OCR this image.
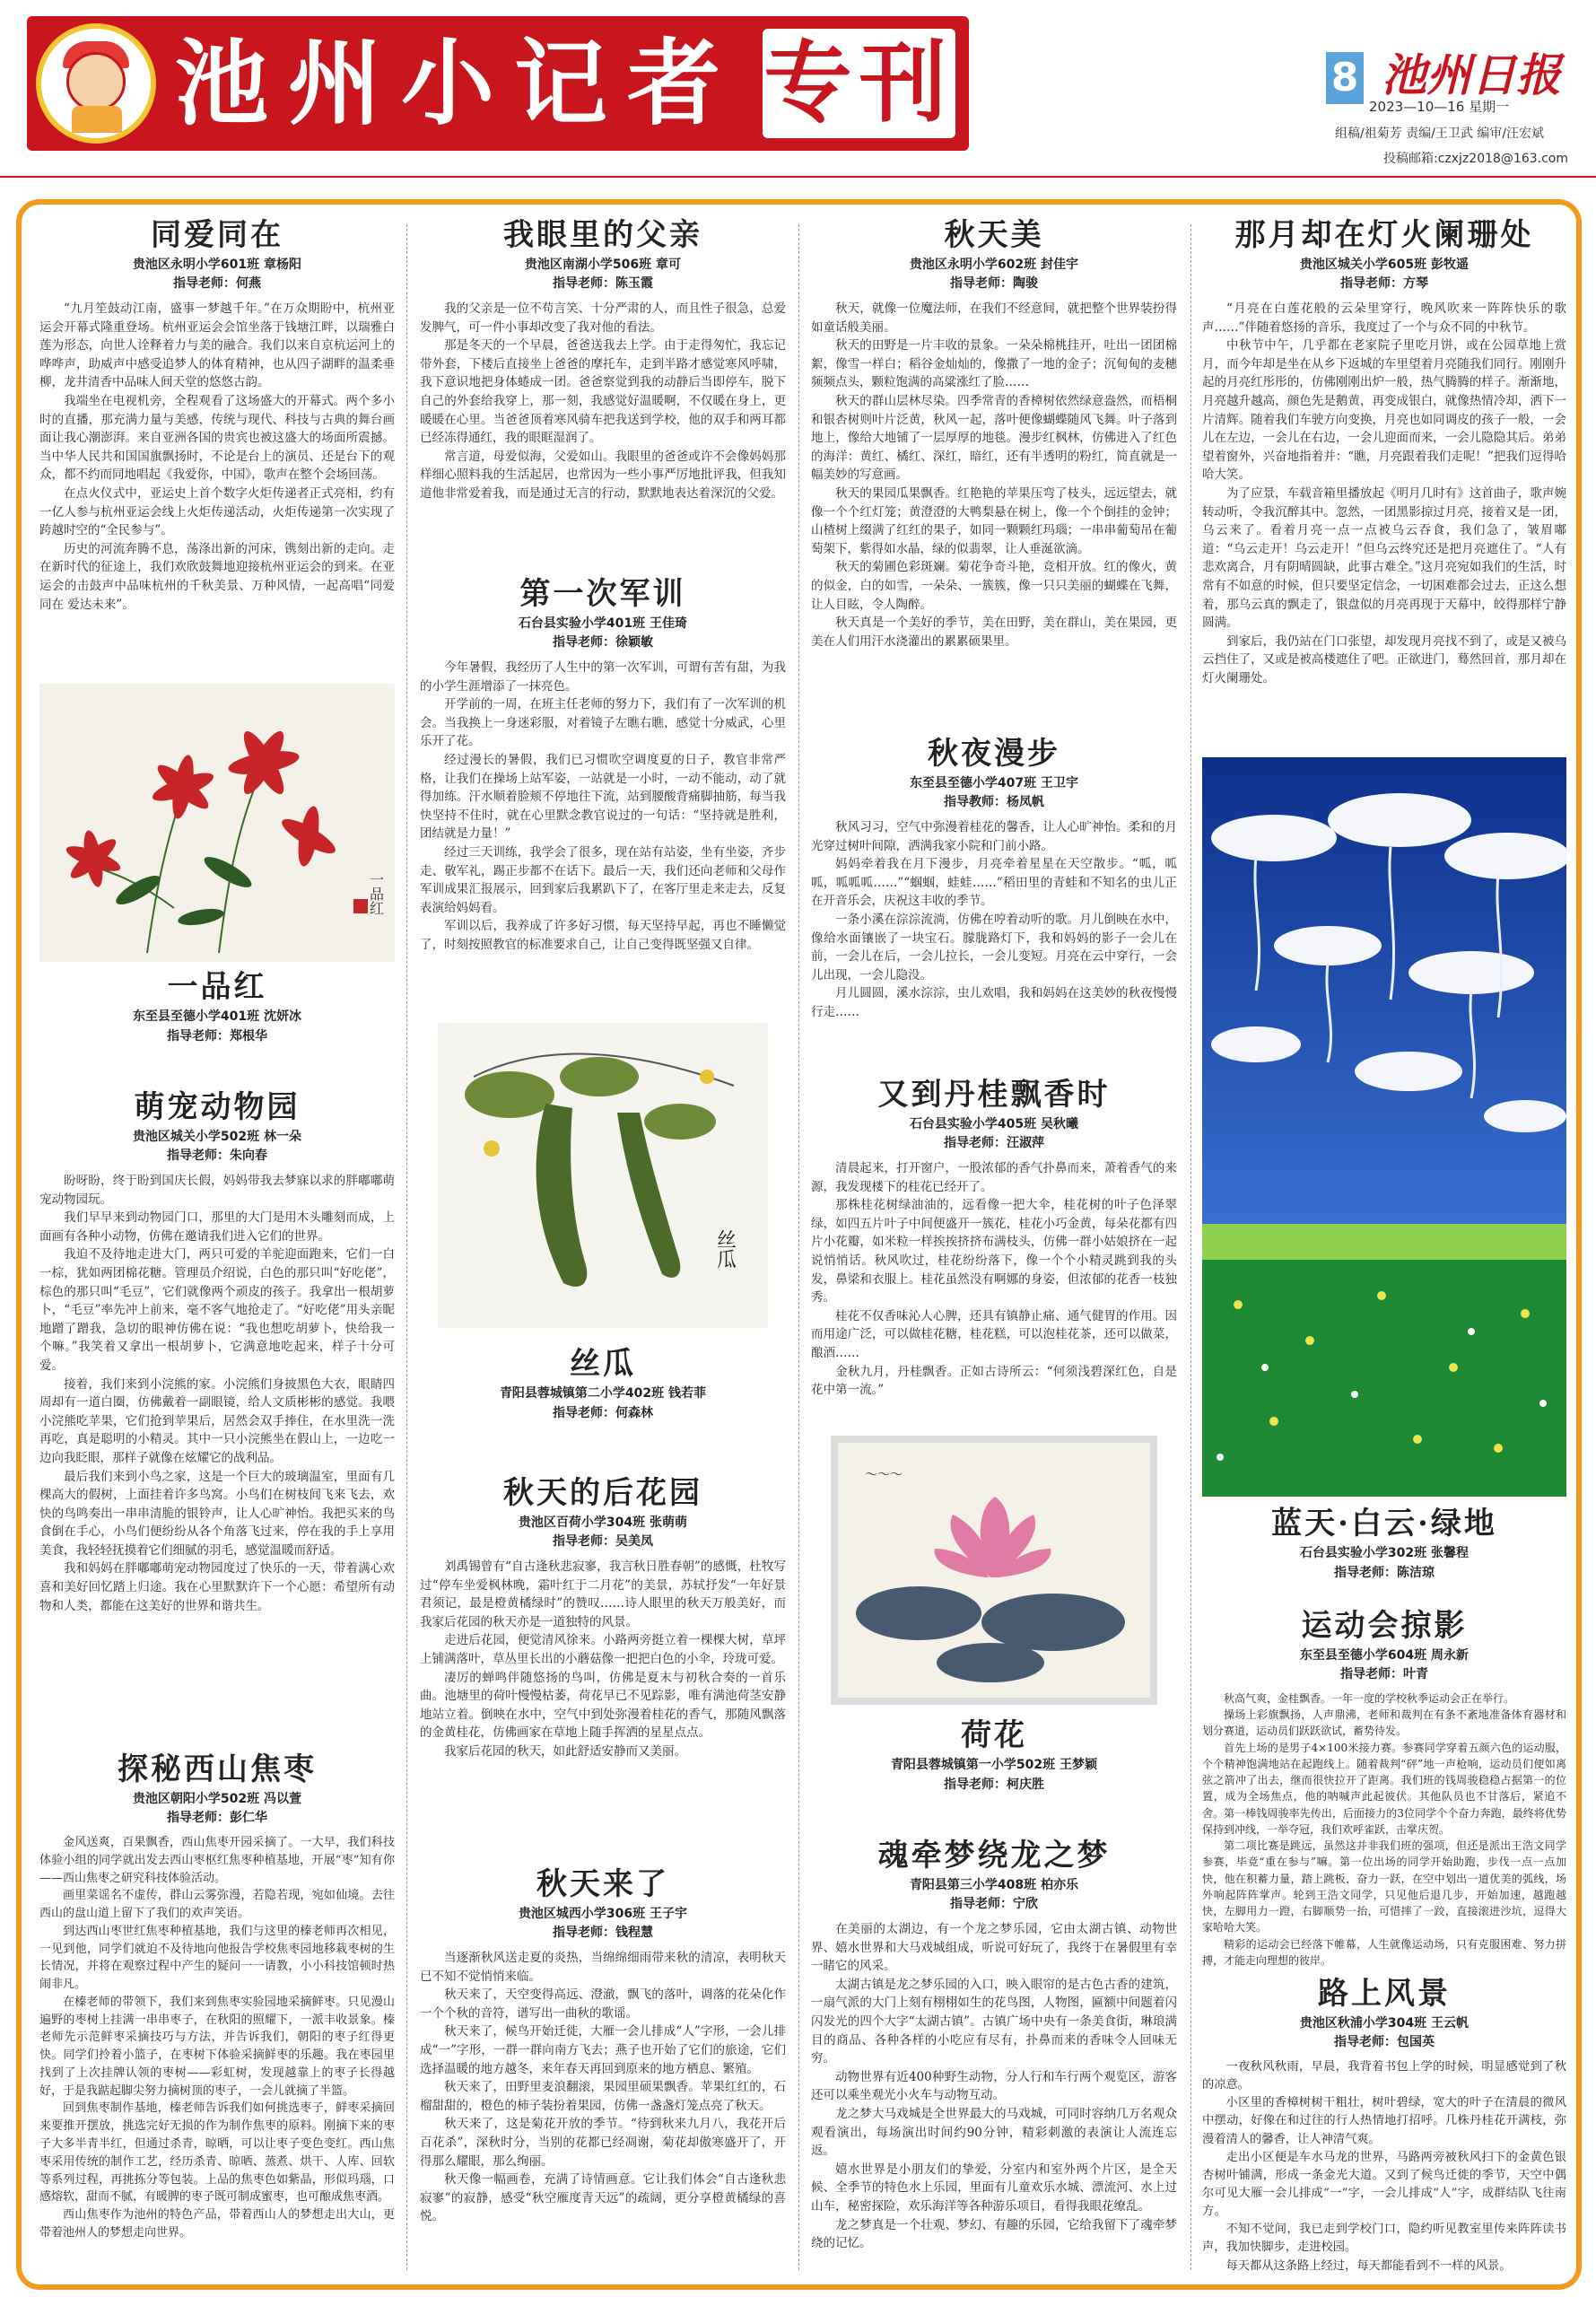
池州小记者 专刊	8 池州日报
2023—10—16 星期一
组稿/祖菊芳 责编/王卫武 编审/汪宏斌
投稿邮箱:czxjz2018@163.com
同爱同在
贵池区永明小学601班 章杨阳
指导老师：何燕

“九月笙鼓动江南，盛事一梦越千年。”在万众期盼中，杭州亚运会开幕式隆重登场。杭州亚运会会馆坐落于钱塘江畔，以瑞雅白莲为形态，向世人诠释着力与美的融合。我们以来自京杭运河上的哗哗声，助威声中感受追梦人的体育精神，也从四子湖畔的温柔垂柳，龙井清香中品味人间天堂的悠悠古韵。

我端坐在电视机旁，全程观看了这场盛大的开幕式。两个多小时的直播，那充满力量与美感，传统与现代、科技与古典的舞台画面让我心潮澎湃。来自亚洲各国的贵宾也被这盛大的场面所震撼。当中华人民共和国国旗飘扬时，不论是台上的演员、还是台下的观众，都不约而同地唱起《我爱你，中国》，歌声在整个会场回荡。

在点火仪式中，亚运史上首个数字火炬传递者正式亮相，约有一亿人参与杭州亚运会线上火炬传递活动，火炬传递第一次实现了跨越时空的“全民参与”。

历史的河流奔腾不息，荡涤出新的河床，镌刻出新的走向。走在新时代的征途上，我们欢欣鼓舞地迎接杭州亚运会的到来。在亚运会的击鼓声中品味杭州的千秋美景、万种风情，一起高唱“同爱同在 爱达未来”。

一品红
一品红
东至县至德小学401班 沈妍冰
指导老师：郑根华
萌宠动物园
贵池区城关小学502班 林一朵
指导老师：朱向春

盼呀盼，终于盼到国庆长假，妈妈带我去梦寐以求的胖嘟嘟萌宠动物园玩。

我们早早来到动物园门口，那里的大门是用木头雕刻而成，上面画有各种小动物，仿佛在邀请我们进入它们的世界。

我迫不及待地走进大门，两只可爱的羊驼迎面跑来，它们一白一棕，犹如两团棉花糖。管理员介绍说，白色的那只叫“好吃佬”，棕色的那只叫“毛豆”，它们就像两个顽皮的孩子。我拿出一根胡萝卜，“毛豆”率先冲上前来，毫不客气地抢走了。“好吃佬”用头亲昵地蹭了蹭我，急切的眼神仿佛在说：“我也想吃胡萝卜，快给我一个嘛。”我笑着又拿出一根胡萝卜，它满意地吃起来，样子十分可爱。

接着，我们来到小浣熊的家。小浣熊们身披黑色大衣，眼睛四周却有一道白圈，仿佛戴着一副眼镜，给人文质彬彬的感觉。我喂小浣熊吃苹果，它们抢到苹果后，居然会双手捧住，在水里洗一洗再吃，真是聪明的小精灵。其中一只小浣熊坐在假山上，一边吃一边向我眨眼，那样子就像在炫耀它的战利品。

最后我们来到小鸟之家，这是一个巨大的玻璃温室，里面有几棵高大的假树，上面挂着许多鸟窝。小鸟们在树枝间飞来飞去，欢快的鸟鸣奏出一串串清脆的银铃声，让人心旷神怡。我把买来的鸟食倒在手心，小鸟们便纷纷从各个角落飞过来，停在我的手上享用美食，我轻轻抚摸着它们细腻的羽毛，感觉温暖而舒适。

我和妈妈在胖嘟嘟萌宠动物园度过了快乐的一天，带着满心欢喜和美好回忆踏上归途。我在心里默默许下一个心愿：希望所有动物和人类，都能在这美好的世界和谐共生。

探秘西山焦枣
贵池区朝阳小学502班 冯以萱
指导老师：彭仁华

金风送爽，百果飘香，西山焦枣开园采摘了。一大早，我们科技体验小组的同学就出发去西山枣枢红焦枣种植基地，开展“枣”知有你——西山焦枣之研究科技体验活动。

画里菜谣名不虚传，群山云雾弥漫，若隐若现，宛如仙境。去往西山的盘山道上留下了我们的欢声笑语。

到达西山枣世红焦枣种植基地，我们与这里的榛老师再次相见，一见到他，同学们就迫不及待地向他报告学校焦枣园地移栽枣树的生长情况，并将在观察过程中产生的疑问一一请教，小小科技馆顿时热闹非凡。

在榛老师的带领下，我们来到焦枣实验园地采摘鲜枣。只见漫山遍野的枣树上挂满一串串枣子，在秋阳的照耀下，一派丰收景象。榛老师先示范鲜枣采摘技巧与方法，并告诉我们，朝阳的枣子红得更快。同学们拎着小篮子，在枣树下体验采摘鲜枣的乐趣。我在枣园里找到了上次挂牌认领的枣树——彩虹树，发现越靠上的枣子长得越好，于是我踮起脚尖努力摘树顶的枣子，一会儿就摘了半篮。

回到焦枣制作基地，榛老师告诉我们如何挑选枣子，鲜枣采摘回来要推开摆放，挑选完好无损的作为制作焦枣的原料。刚摘下来的枣子大多半青半红，但通过杀青，晾晒，可以让枣子变色变红。西山焦枣采用传统的制作工艺，经历杀青、晾晒、蒸煮、烘干、人库、回软等系列过程，再挑拣分等包装。上品的焦枣色如紫晶，形似玛瑙，口感熔软，甜而不腻，有暖脾的枣子既可制成蜜枣，也可酿成焦枣酒。

西山焦枣作为池州的特色产品，带着西山人的梦想走出大山，更带着池州人的梦想走向世界。

我眼里的父亲
贵池区南湖小学506班 章可
指导老师：陈玉霞

我的父亲是一位不苟言笑、十分严肃的人，而且性子很急，总爱发脾气，可一件小事却改变了我对他的看法。

那是冬天的一个早晨，爸爸送我去上学。由于走得匆忙，我忘记带外套，下楼后直接坐上爸爸的摩托车，走到半路才感觉寒风呼啸，我下意识地把身体蜷成一团。爸爸察觉到我的动静后当即停车，脱下自己的外套给我穿上，那一刻，我感觉好温暖啊，不仅暖在身上，更暖暖在心里。当爸爸顶着寒风骑车把我送到学校，他的双手和两耳都已经冻得通红，我的眼眶湿润了。

常言道，母爱似海，父爱如山。我眼里的爸爸或许不会像妈妈那样细心照料我的生活起居，也常因为一些小事严厉地批评我，但我知道他非常爱着我，而是通过无言的行动，默默地表达着深沉的父爱。

第一次军训
石台县实验小学401班 王佳琦
指导老师：徐颖敏

今年暑假，我经历了人生中的第一次军训，可谓有苦有甜，为我的小学生涯增添了一抹亮色。

开学前的一周，在班主任老师的努力下，我们有了一次军训的机会。当我换上一身迷彩服，对着镜子左瞧右瞧，感觉十分威武，心里乐开了花。

经过漫长的暑假，我们已习惯吹空调度夏的日子，教官非常严格，让我们在操场上站军姿，一站就是一小时，一动不能动，动了就得加练。汗水顺着脸颊不停地往下流，站到腰酸背痛脚抽筋，每当我快坚持不住时，就在心里默念教官说过的一句话：“坚持就是胜利，团结就是力量！”

经过三天训练，我学会了很多，现在站有站姿，坐有坐姿，齐步走、敬军礼，踢正步都不在话下。最后一天，我们还向老师和父母作军训成果汇报展示，回到家后我累趴下了，在客厅里走来走去，反复表演给妈妈看。

军训以后，我养成了许多好习惯，每天坚持早起，再也不睡懒觉了，时刻按照教官的标准要求自己，让自己变得既坚强又自律。

丝瓜
丝瓜
青阳县蓉城镇第二小学402班 钱若菲
指导老师：何森林
秋天的后花园
贵池区百荷小学304班 张萌萌
指导老师：吴美凤

刘禹锡曾有“自古逢秋悲寂寥，我言秋日胜春朝”的感慨，杜牧写过“停车坐爱枫林晚，霜叶红于二月花”的美景，苏轼抒发“一年好景君须记，最是橙黄橘绿时”的赞叹……诗人眼里的秋天万般美好，而我家后花园的秋天亦是一道独特的风景。

走进后花园，便觉清风徐来。小路两旁挺立着一棵棵大树，草坪上铺满落叶，草丛里长出的小蘑菇像一把把白色的小伞，玲珑可爱。

凄厉的蝉鸣伴随悠扬的鸟叫，仿佛是夏末与初秋合奏的一首乐曲。池塘里的荷叶慢慢枯萎，荷花早已不见踪影，唯有满池荷茎安静地站立着。倒映在水中，空气中到处弥漫着桂花的香气，那随风飘落的金黄桂花，仿佛画家在草地上随手挥洒的星星点点。

我家后花园的秋天，如此舒适安静而又美丽。

秋天来了
贵池区城西小学306班 王子宇
指导老师：钱程慧

当逐渐秋风送走夏的炎热，当绵绵细雨带来秋的清凉，表明秋天已不知不觉悄悄来临。

秋天来了，天空变得高远、澄澈，飘飞的落叶，调落的花朵化作一个个秋的音符，谱写出一曲秋的歌谣。

秋天来了，候鸟开始迁徙，大雁一会儿排成“人”字形，一会儿排成“一”字形，一群一群向南方飞去；燕子也开始了它们的旅途，它们选择温暖的地方越冬，来年春天再回到原来的地方栖息、繁殖。

秋天来了，田野里麦浪翻滚，果园里硕果飘香。苹果红红的，石榴甜甜的，橙色的柿子装扮着果园，仿佛一盏盏灯笼点亮了秋天。

秋天来了，这是菊花开放的季节。“待到秋来九月八，我花开后百花杀”，深秋时分，当别的花都已经凋谢，菊花却傲寒盛开了，开得那么耀眼，那么绚丽。

秋天像一幅画卷，充满了诗情画意。它让我们体会“自古逢秋悲寂寥”的寂静，感受“秋空雁度青天远”的疏阔，更分享橙黄橘绿的喜悦。

秋天美
贵池区永明小学602班 封佳宇
指导老师：陶骏

秋天，就像一位魔法师，在我们不经意间，就把整个世界装扮得如童话般美丽。

秋天的田野是一片丰收的景象。一朵朵棉桃挂开，吐出一团团棉絮，像雪一样白；稻谷金灿灿的，像撒了一地的金子；沉甸甸的麦穗频频点头，颗粒饱满的高粱涨红了脸……

秋天的群山层林尽染。四季常青的香樟树依然绿意盎然，而梧桐和银杏树则叶片泛黄，秋风一起，落叶便像蝴蝶随风飞舞。叶子落到地上，像给大地铺了一层厚厚的地毯。漫步红枫林，仿佛进入了红色的海洋：黄红、橘红、深红，暗红，还有半透明的粉红，简直就是一幅美妙的写意画。

秋天的果园瓜果飘香。红艳艳的苹果压弯了枝头，远远望去，就像一个个红灯笼；黄澄澄的大鸭梨悬在树上，像一个个倒挂的金钟；山楂树上缀满了红红的果子，如同一颗颗红玛瑙；一串串葡萄吊在葡萄架下，紫得如水晶，绿的似翡翠，让人垂涎欲滴。

秋天的菊圃色彩斑斓。菊花争奇斗艳，竞相开放。红的像火，黄的似金，白的如雪，一朵朵、一簇簇，像一只只美丽的蝴蝶在飞舞，让人目眩，令人陶醉。

秋天真是一个美好的季节，美在田野，美在群山，美在果园，更美在人们用汗水浇灌出的累累硕果里。

秋夜漫步
东至县至德小学407班 王卫宇
指导教师：杨凤帆

秋风习习，空气中弥漫着桂花的馨香，让人心旷神怡。柔和的月光穿过树叶间隙，洒满我家小院和门前小路。

妈妈牵着我在月下漫步，月亮牵着星星在天空散步。“呱，呱呱，呱呱呱……”“蝈蝈，蛙蛙……”稻田里的青蛙和不知名的虫儿正在开音乐会，庆祝这丰收的季节。

一条小溪在淙淙流淌，仿佛在哼着动听的歌。月儿倒映在水中，像给水面镶嵌了一块宝石。朦胧路灯下，我和妈妈的影子一会儿在前，一会儿在后，一会儿拉长，一会儿变短。月亮在云中穿行，一会儿出现，一会儿隐没。

月儿圆圆，溪水淙淙，虫儿欢唱，我和妈妈在这美妙的秋夜慢慢行走……

又到丹桂飘香时
石台县实验小学405班 吴秋曦
指导老师：汪淑萍

清晨起来，打开窗户，一股浓郁的香气扑鼻而来，萧着香气的来源，我发现楼下的桂花已经开了。

那株桂花树绿油油的，远看像一把大伞，桂花树的叶子色泽翠绿，如四五片叶子中间便盛开一簇花，桂花小巧金黄，每朵花都有四片小花瓣，如米粒一样挨挨挤挤布满枝头，仿佛一群小姑娘挤在一起说悄悄话。秋风吹过，桂花纷纷落下，像一个个小精灵跳到我的头发，鼻梁和衣服上。桂花虽然没有啊娜的身姿，但浓郁的花香一枝独秀。

桂花不仅香味沁人心脾，还具有镇静止痛、通气健胃的作用。因而用途广泛，可以做桂花糖，桂花糕，可以泡桂花茶，还可以做菜，酿酒……

金秋九月，丹桂飘香。正如古诗所云：“何须浅碧深红色，自是花中第一流。”

～～～
荷花
青阳县蓉城镇第一小学502班 王梦颖
指导老师：柯庆胜
魂牵梦绕龙之梦
青阳县第三小学408班 柏亦乐
指导老师：宁欣

在美丽的太湖边，有一个龙之梦乐园，它由太湖古镇、动物世界、嬉水世界和大马戏城组成，听说可好玩了，我终于在暑假里有幸一睹它的风采。

太湖古镇是龙之梦乐园的入口，映入眼帘的是古色古香的建筑，一扇气派的大门上刻有栩栩如生的花鸟图，人物图，匾额中间题着闪闪发光的四个大字“太湖古镇”。古镇广场中央有一条美食街，琳琅满目的商品、各种各样的小吃应有尽有，扑鼻而来的香味令人回味无穷。

动物世界有近400种野生动物，分人行和车行两个观览区，游客还可以乘坐观光小火车与动物互动。

龙之梦大马戏城是全世界最大的马戏城，可同时容纳几万名观众观看演出，每场演出时间约90分钟，精彩刺激的表演让人流连忘返。

嬉水世界是小朋友们的挚爱，分室内和室外两个片区，是全天候、全季节的特色水上乐园，里面有儿童欢乐水城、漂流河、水上过山车，秘密探险，欢乐海洋等各种游乐项目，看得我眼花缭乱。

龙之梦真是一个壮观、梦幻、有趣的乐园，它给我留下了魂牵梦绕的记忆。

那月却在灯火阑珊处
贵池区城关小学605班 彭牧遥
指导老师：方琴

“月亮在白莲花般的云朵里穿行，晚风吹来一阵阵快乐的歌声……”伴随着悠扬的音乐，我度过了一个与众不同的中秋节。

中秋节中午，几乎都在老家院子里吃月饼，或在公园草地上赏月，而今年却是坐在从乡下返城的车里望着月亮随我们同行。刚刚升起的月亮红彤彤的，仿佛刚刚出炉一般，热气腾腾的样子。渐渐地，月亮越升越高，颜色先是鹅黄，再变成银白，就像热情冷却，洒下一片清辉。随着我们车驶方向变换，月亮也如同调皮的孩子一般，一会儿在左边，一会儿在右边，一会儿迎面而来，一会儿隐隐其后。弟弟望着窗外，兴奋地指着并：“瞧，月亮跟着我们走呢！”把我们逗得哈哈大笑。

为了应景，车载音箱里播放起《明月几时有》这首曲子，歌声婉转动听，令我沉醉其中。忽然，一团黑影掠过月亮，接着又是一团，乌云来了。看着月亮一点一点被乌云吞食，我们急了，皱眉嘟道：“乌云走开！乌云走开！”但乌云终究还是把月亮遮住了。“人有悲欢离合，月有阴晴圆缺，此事古难全。”这月亮宛如我们的生活，时常有不如意的时候，但只要坚定信念，一切困难都会过去，正这么想着，那乌云真的飘走了，银盘似的月亮再现于天幕中，皎得那样宁静圆满。

到家后，我仍站在门口张望，却发现月亮找不到了，或是又被乌云挡住了，又或是被高楼遮住了吧。正欲进门，蓦然回首，那月却在灯火阑珊处。

蓝天·白云·绿地
石台县实验小学302班 张馨程
指导老师：陈洁琼
运动会掠影
东至县至德小学604班 周永新
指导老师：叶青

秋高气爽，金桂飘香。一年一度的学校秋季运动会正在举行。

操场上彩旗飘扬，人声鼎沸，老师和裁判在有条不紊地准备体育器材和划分赛道，运动员们跃跃欲试，蓄势待发。

首先上场的是男子4×100米接力赛。参赛同学穿着五颜六色的运动服，个个精神饱满地站在起跑线上。随着裁判“砰”地一声枪响，运动员们便如离弦之箭冲了出去，继而很快拉开了距离。我们班的钱周骏稳稳占据第一的位置，成为全场焦点，他的呐喊声此起彼伏。其他队员也不甘落后，紧追不舍。第一棒钱周骏率先传出，后面接力的3位同学个个奋力奔跑，最终将优势保持到冲线，一举夺冠，我们欢呼雀跃，击掌庆贺。

第二项比赛是跳远，虽然这并非我们班的强项，但还是派出王浩文同学参赛，毕竟“重在参与”嘛。第一位出场的同学开始助跑，步伐一点一点加快，他在积蓄力量，踏上跳板，奋力一跃，在空中划出一道优美的弧线，场外响起阵阵掌声。轮到王浩文同学，只见他后退几步，开始加速，越跑越快，左脚用力一蹬，右脚顺势一抬，可惜摔了一跤，直接滚进沙坑，逗得大家哈哈大笑。

精彩的运动会已经落下帷幕，人生就像运动场，只有克服困难、努力拼搏，才能走向理想的彼岸。

路上风景
贵池区秋浦小学304班 王云帆
指导老师：包国英

一夜秋风秋雨，早晨，我背着书包上学的时候，明显感觉到了秋的凉意。

小区里的香樟树树干粗壮，树叶碧绿，宽大的叶子在清晨的微风中摆动，好像在和过往的行人热情地打招呼。几株丹桂花开满枝，弥漫着清人的馨香，让人神清气爽。

走出小区便是车水马龙的世界，马路两旁被秋风扫下的金黄色银杏树叶铺满，形成一条金光大道。又到了候鸟迁徙的季节，天空中偶尔可见大雁一会儿排成“一”字，一会儿排成“人”字，成群结队飞往南方。

不知不觉间，我已走到学校门口，隐约听见教室里传来阵阵读书声，我加快脚步，走进校园。

每天都从这条路上经过，每天都能看到不一样的风景。
